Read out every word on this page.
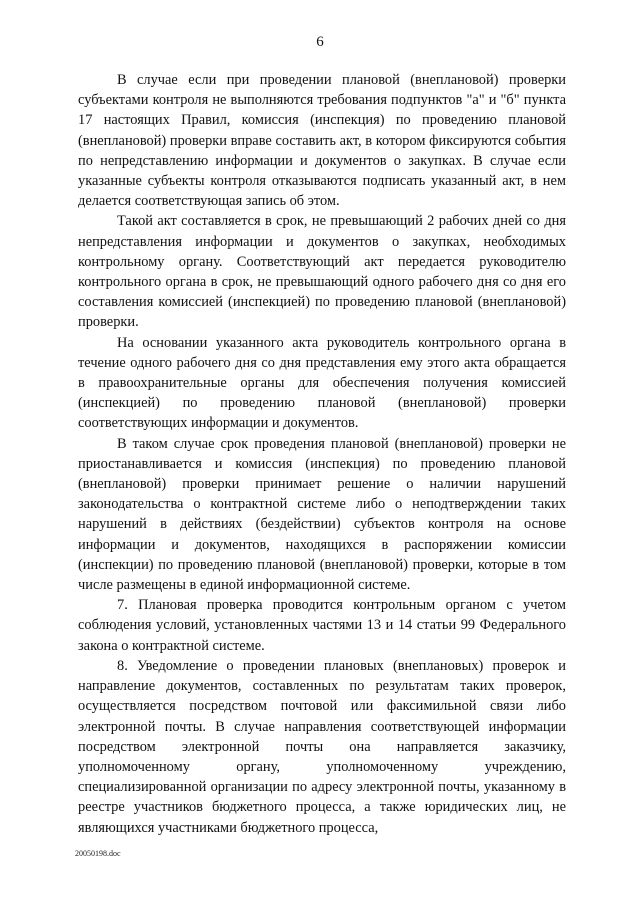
6

В случае если при проведении плановой (внеплановой) проверки субъектами контроля не выполняются требования подпунктов "а" и "б" пункта 17 настоящих Правил, комиссия (инспекция) по проведению плановой (внеплановой) проверки вправе составить акт, в котором фиксируются события по непредставлению информации и документов о закупках. В случае если указанные субъекты контроля отказываются подписать указанный акт, в нем делается соответствующая запись об этом.

Такой акт составляется в срок, не превышающий 2 рабочих дней со дня непредставления информации и документов о закупках, необходимых контрольному органу. Соответствующий акт передается руководителю контрольного органа в срок, не превышающий одного рабочего дня со дня его составления комиссией (инспекцией) по проведению плановой (внеплановой) проверки.

На основании указанного акта руководитель контрольного органа в течение одного рабочего дня со дня представления ему этого акта обращается в правоохранительные органы для обеспечения получения комиссией (инспекцией) по проведению плановой (внеплановой) проверки соответствующих информации и документов.

В таком случае срок проведения плановой (внеплановой) проверки не приостанавливается и комиссия (инспекция) по проведению плановой (внеплановой) проверки принимает решение о наличии нарушений законодательства о контрактной системе либо о неподтверждении таких нарушений в действиях (бездействии) субъектов контроля на основе информации и документов, находящихся в распоряжении комиссии (инспекции) по проведению плановой (внеплановой) проверки, которые в том числе размещены в единой информационной системе.

7. Плановая проверка проводится контрольным органом с учетом соблюдения условий, установленных частями 13 и 14 статьи 99 Федерального закона о контрактной системе.

8. Уведомление о проведении плановых (внеплановых) проверок и направление документов, составленных по результатам таких проверок, осуществляется посредством почтовой или факсимильной связи либо электронной почты. В случае направления соответствующей информации посредством электронной почты она направляется заказчику, уполномоченному органу, уполномоченному учреждению, специализированной организации по адресу электронной почты, указанному в реестре участников бюджетного процесса, а также юридических лиц, не являющихся участниками бюджетного процесса,

20050198.doc
